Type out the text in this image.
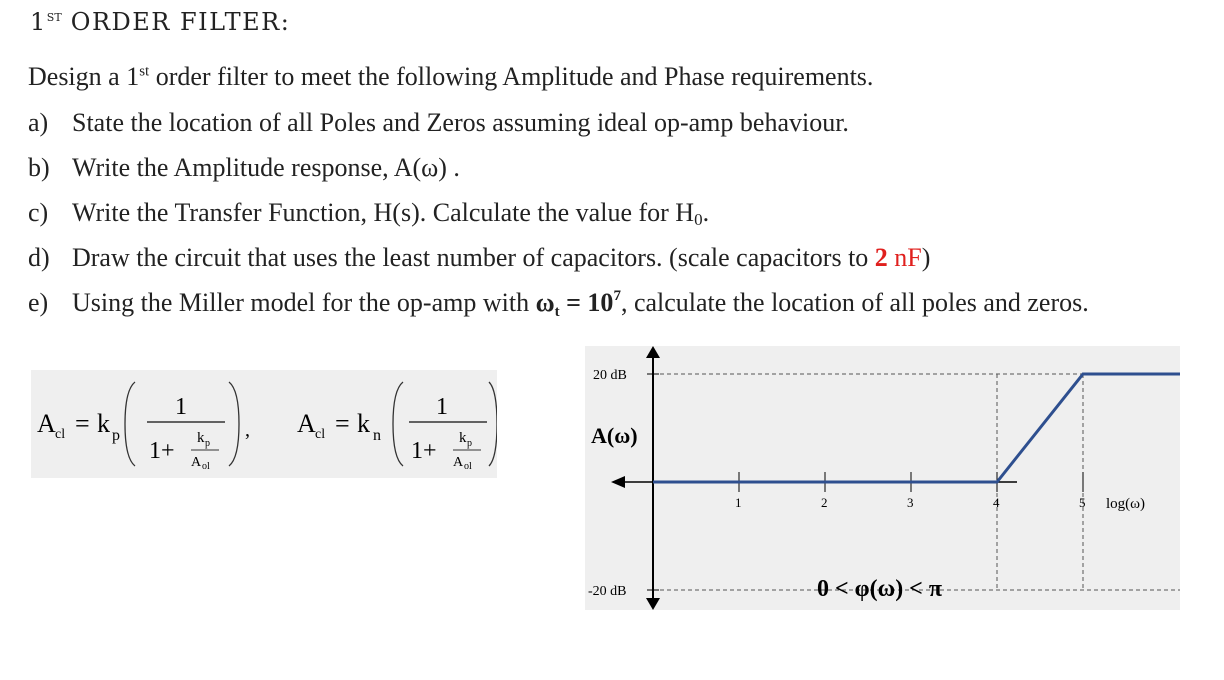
1ST ORDER FILTER:
Design a 1st order filter to meet the following Amplitude and Phase requirements.
a) State the location of all Poles and Zeros assuming ideal op-amp behaviour.
b) Write the Amplitude response, A(ω) .
c) Write the Transfer Function, H(s). Calculate the value for H0.
d) Draw the circuit that uses the least number of capacitors. (scale capacitors to 2 nF)
e) Using the Miller model for the op-amp with $\omega t = 10^7$, calculate the location of all poles and zeros.
A cl = k p
1
1+ k p
A ol
, A cl = k n
1
1+ k p
A ol
1	2	3	4	5
20 dB
-20 dB
A(ω)
log(ω)
0 < φ(ω) < π
